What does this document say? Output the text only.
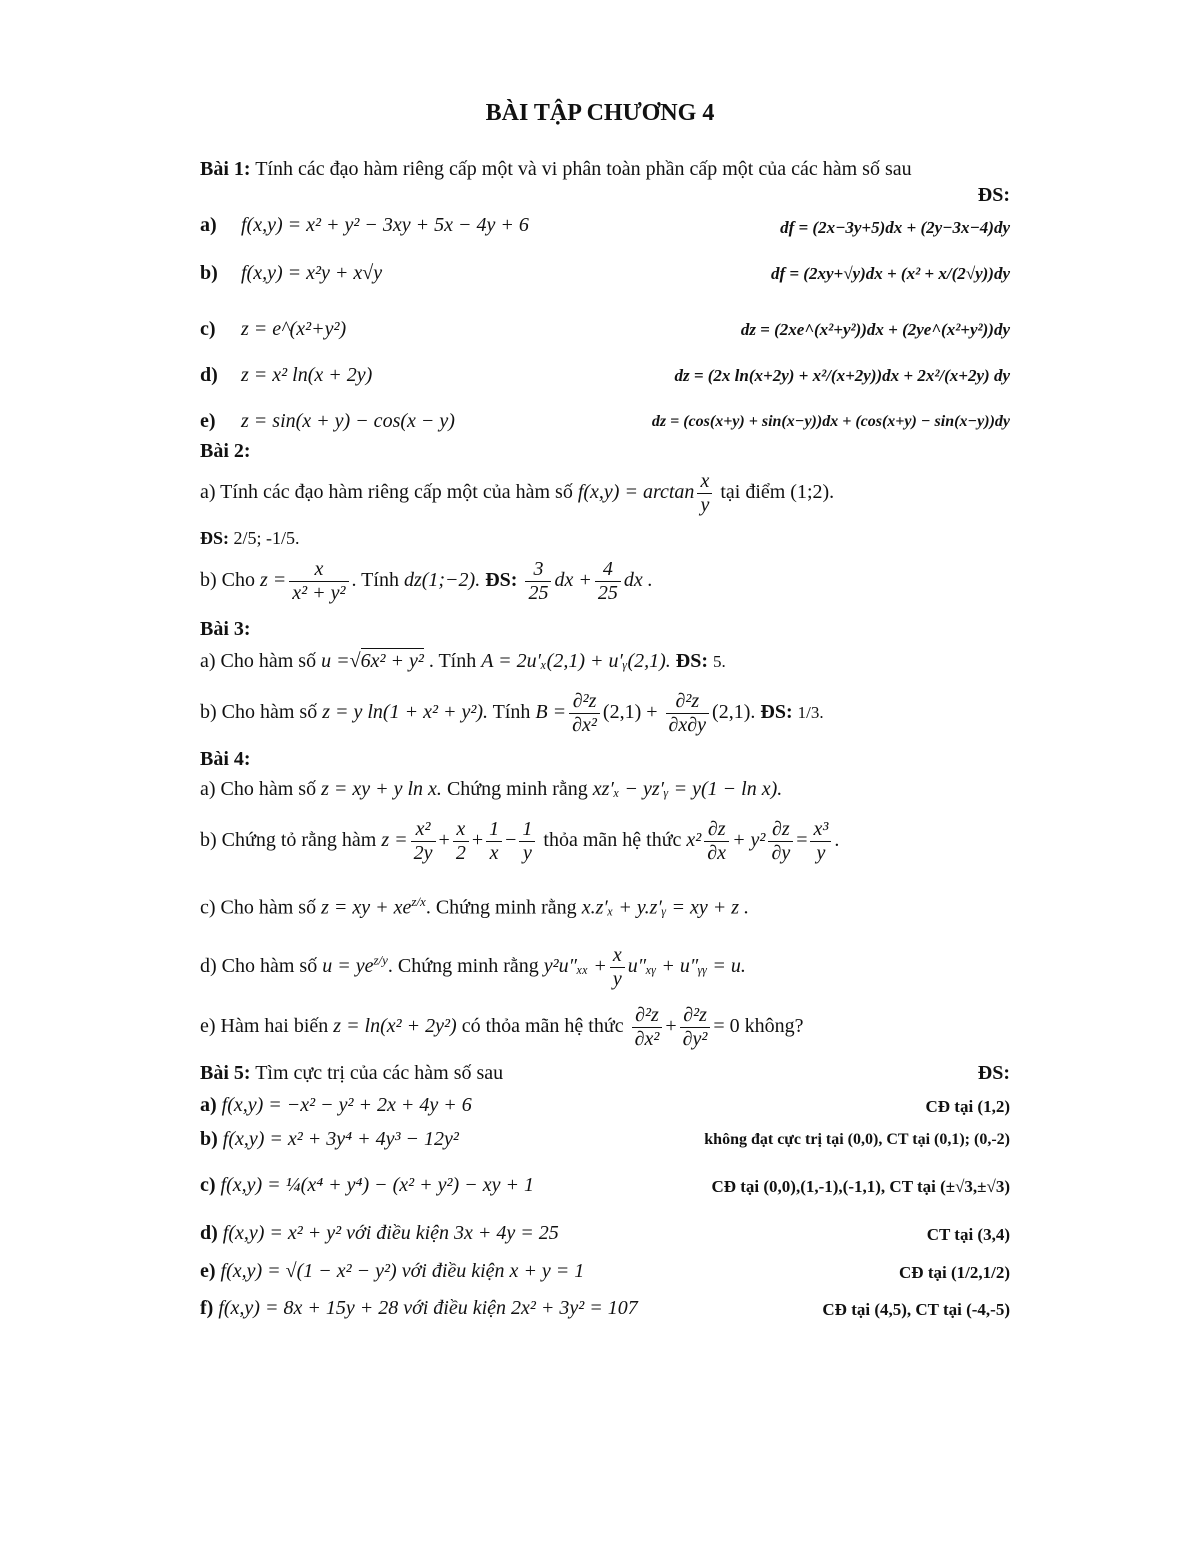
BÀI TẬP CHƯƠNG 4
Bài 1: Tính các đạo hàm riêng cấp một và vi phân toàn phần cấp một của các hàm số sau
ĐS:
a) f(x,y) = x² + y² − 3xy + 5x − 4y + 6	df = (2x−3y+5)dx + (2y−3x−4)dy
b) f(x,y) = x²y + x√y	df = (2xy+√y)dx + (x² + x/(2√y))dy
c) z = e^(x²+y²)	dz = (2xe^(x²+y²))dx + (2ye^(x²+y²))dy
d) z = x² ln(x + 2y)	dz = (2x ln(x+2y) + x²/(x+2y))dx + 2x²/(x+2y) dy
e) z = sin(x + y) − cos(x − y)	dz = (cos(x+y) + sin(x−y))dx + (cos(x+y) − sin(x−y))dy
Bài 2:
a) Tính các đạo hàm riêng cấp một của hàm số $f(x,y) = \arctan \frac{x}{y}$ tại điểm (1;2).
ĐS: 2/5; -1/5.
b) Cho $z = \frac{x}{\text{x² + y²}}$ . Tính dz(1;−2). ĐS: $\frac{3}{25}$ dx + $\frac{4}{25}$ dx .
Bài 3:
a) Cho hàm số u =√6x² + y² . Tính A = 2u′ₓ(2,1) + u′ᵧ(2,1). ĐS: 5.
b) Cho hàm số z = y ln(1 + x² + y²). Tính $B = \frac{\text{∂²z}}{\text{∂x²}} (2,1) + \frac{\text{∂²z}}{\partial x\partial y} (2,1)$. ĐS: 1/3.
Bài 4:
a) Cho hàm số z = xy + y ln x. Chứng minh rằng xz′ₓ − yz′ᵧ = y(1 − ln x).
b) Chứng tỏ rằng hàm $z = \frac{\text{x²}}{2y} + \frac{x}{2} + \frac{1}{x} - \frac{1}{y}$ thỏa mãn hệ thức $x^2 \frac{\partial z}{\partial x} + y^2 \frac{\partial z}{\partial y} = \frac{\text{x³}}{y}$ .
c) Cho hàm số z = xy + $xe^{z/x}$. Chứng minh rằng x.z′ₓ + y.z′ᵧ = xy + z .
d) Cho hàm số $u = ye^{z/y}$. Chứng minh rằng $y^2u''_{xx} + \frac{x}{y}$ u″ₓᵧ + u″ᵧᵧ = u.
e) Hàm hai biến z = ln(x² + 2y²) có thỏa mãn hệ thức $\frac{\text{∂²z}}{\text{∂x²}} + \frac{\text{∂²z}}{\text{∂y²}} = 0$ không?
Bài 5: Tìm cực trị của các hàm số sau	ĐS:
a) f(x,y) = −x² − y² + 2x + 4y + 6	CĐ tại (1,2)
b) f(x,y) = x² + 3y⁴ + 4y³ − 12y²	không đạt cực trị tại (0,0), CT tại (0,1); (0,-2)
c) f(x,y) = ¼(x⁴ + y⁴) − (x² + y²) − xy + 1	CĐ tại (0,0),(1,-1),(-1,1), CT tại (±√3,±√3)
d) f(x,y) = x² + y² với điều kiện 3x + 4y = 25	CT tại (3,4)
e) f(x,y) = √(1 − x² − y²) với điều kiện x + y = 1	CĐ tại (1/2,1/2)
f) f(x,y) = 8x + 15y + 28 với điều kiện 2x² + 3y² = 107	CĐ tại (4,5), CT tại (-4,-5)
